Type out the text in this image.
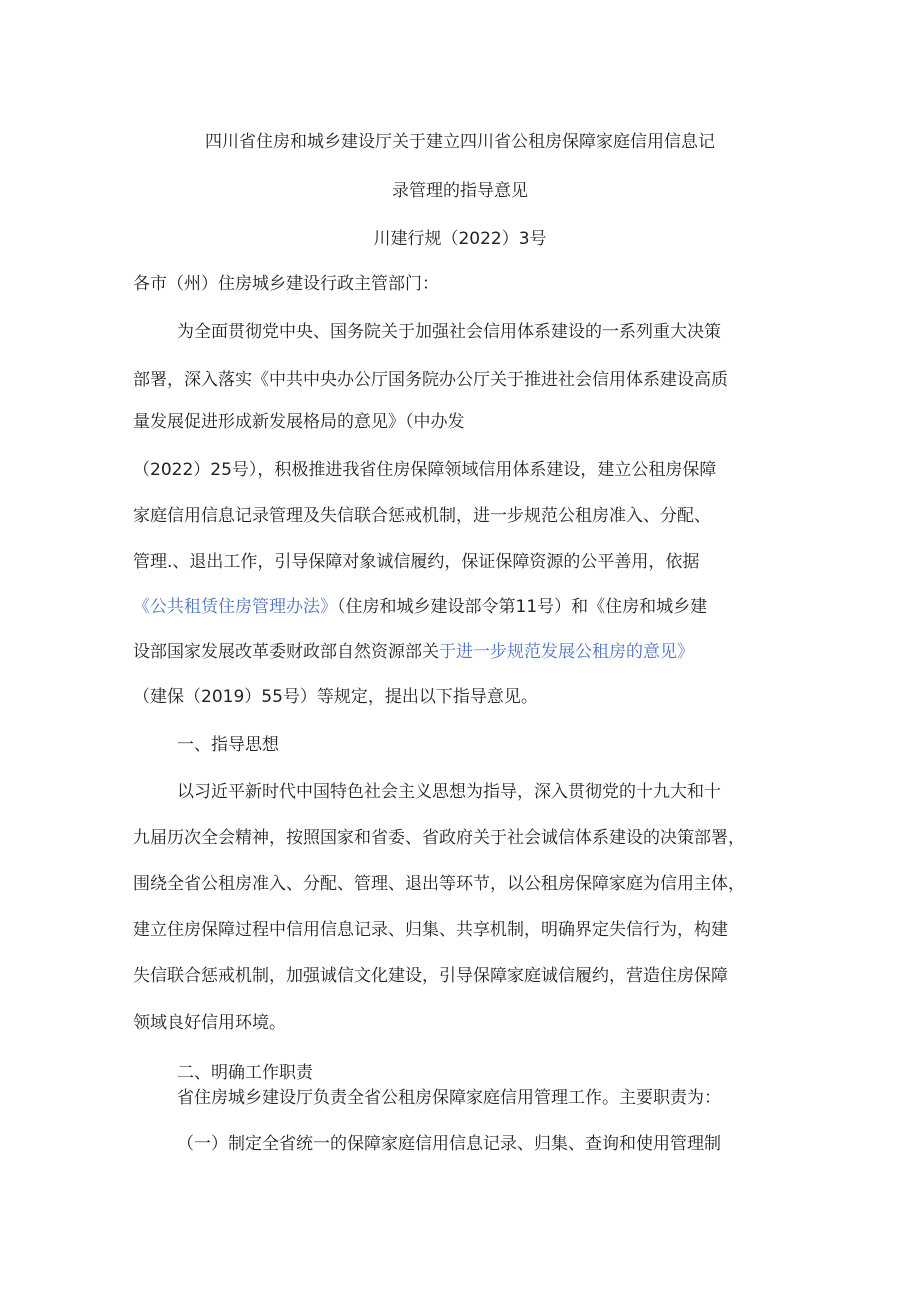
四川省住房和城乡建设厅关于建立四川省公租房保障家庭信用信息记

录管理的指导意见

川建行规（2022）3号

各市（州）住房城乡建设行政主管部门：

为全面贯彻党中央、国务院关于加强社会信用体系建设的一系列重大决策

部署，深入落实《中共中央办公厅国务院办公厅关于推进社会信用体系建设高质

量发展促进形成新发展格局的意见》（中办发

（2022）25号），积极推进我省住房保障领域信用体系建设，建立公租房保障

家庭信用信息记录管理及失信联合惩戒机制，进一步规范公租房准入、分配、

管理.、退出工作，引导保障对象诚信履约，保证保障资源的公平善用，依据

《公共租赁住房管理办法》（住房和城乡建设部令第11号）和《住房和城乡建

设部国家发展改革委财政部自然资源部关于进一步规范发展公租房的意见》

（建保（2019）55号）等规定，提出以下指导意见。

一、指导思想

以习近平新时代中国特色社会主义思想为指导，深入贯彻党的十九大和十

九届历次全会精神，按照国家和省委、省政府关于社会诚信体系建设的决策部署，

围绕全省公租房准入、分配、管理、退出等环节，以公租房保障家庭为信用主体，

建立住房保障过程中信用信息记录、归集、共享机制，明确界定失信行为，构建

失信联合惩戒机制，加强诚信文化建设，引导保障家庭诚信履约，营造住房保障

领域良好信用环境。

二、明确工作职责

省住房城乡建设厅负责全省公租房保障家庭信用管理工作。主要职责为：

（一）制定全省统一的保障家庭信用信息记录、归集、查询和使用管理制
